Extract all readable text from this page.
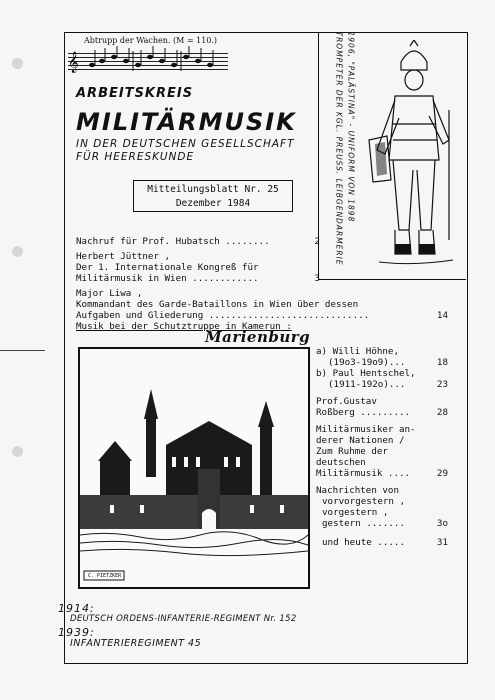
Abtrupp der Wachen. (M = 110.)
𝄞
ARBEITSKREIS
MILITÄRMUSIK
IN DER DEUTSCHEN GESELLSCHAFT
FÜR HEERESKUNDE
Mitteilungsblatt Nr. 25
Dezember 1984	TROMPETER DER KGL. PREUSS. LEIBGENDARMERIE 1906, "PALÄSTINA" - UNIFORM VON 1898
Nachruf für Prof. Hubatsch ........	2
Herbert Jüttner ,
Der 1. Internationale Kongreß für
Militärmusik in Wien ............	3
Major Liwa ,
Kommandant des Garde-Bataillons in Wien über dessen
Aufgaben und Gliederung .............................	14
Musik bei der Schutztruppe in Kamerun :
Marienburg
C. PIETZKER
a) Willi Höhne,
(19o3-19o9)...	18
b) Paul Hentschel,
(1911-192o)...	23
Prof.Gustav
Roßberg .........	28
Militärmusiker an-
derer Nationen /
Zum Ruhme der
deutschen
Militärmusik ....	29
Nachrichten von
vorvorgestern ,
vorgestern ,
gestern .......	3o
und heute .....	31
1914:
DEUTSCH ORDENS-INFANTERIE-REGIMENT Nr. 152
1939:
INFANTERIEREGIMENT 45
